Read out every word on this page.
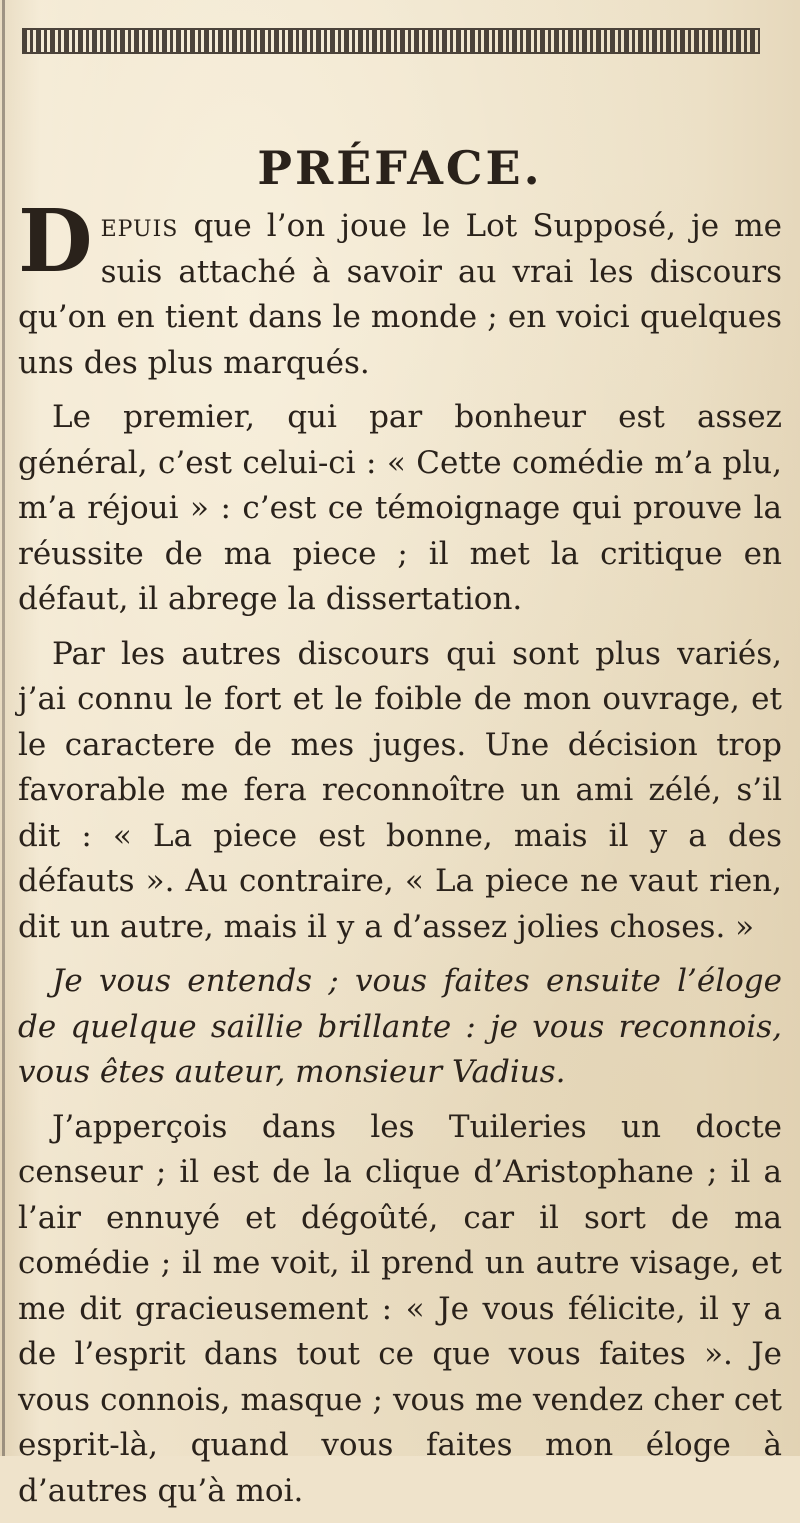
PRÉFACE.

Depuis que l’on joue le Lot Supposé, je me suis attaché à savoir au vrai les discours qu’on en tient dans le monde ; en voici quelques uns des plus marqués.

Le premier, qui par bonheur est assez général, c’est celui-ci : « Cette comédie m’a plu, m’a réjoui » : c’est ce témoignage qui prouve la réussite de ma piece ; il met la critique en défaut, il abrege la dissertation.

Par les autres discours qui sont plus variés, j’ai connu le fort et le foible de mon ouvrage, et le caractere de mes juges. Une décision trop favorable me fera reconnoître un ami zélé, s’il dit : « La piece est bonne, mais il y a des défauts ». Au contraire, « La piece ne vaut rien, dit un autre, mais il y a d’assez jolies choses. »

Je vous entends ; vous faites ensuite l’éloge de quelque saillie brillante : je vous reconnois, vous êtes auteur, monsieur Vadius.

J’apperçois dans les Tuileries un docte censeur ; il est de la clique d’Aristophane ; il a l’air ennuyé et dégoûté, car il sort de ma comédie ; il me voit, il prend un autre visage, et me dit gracieusement : « Je vous félicite, il y a de l’esprit dans tout ce que vous faites ». Je vous connois, masque ; vous me vendez cher cet esprit-là, quand vous faites mon éloge à d’autres qu’à moi.
